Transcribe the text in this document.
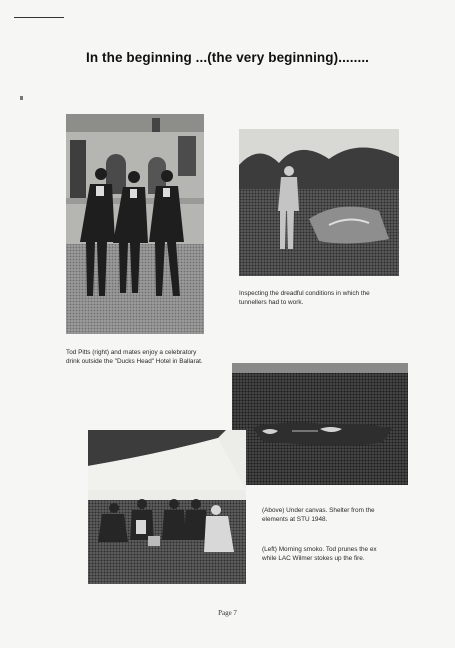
In the beginning ...(the very beginning)........
Inspecting the dreadful conditions in which the tunnellers had to work.
Tod Pitts (right) and mates enjoy a celebratory drink outside the "Ducks Head" Hotel in Ballarat.
(Above) Under canvas. Shelter from the elements at STU 1948.
(Left) Morning smoko. Tod prunes the ex while LAC Wilmer stokes up the fire.
Page 7
